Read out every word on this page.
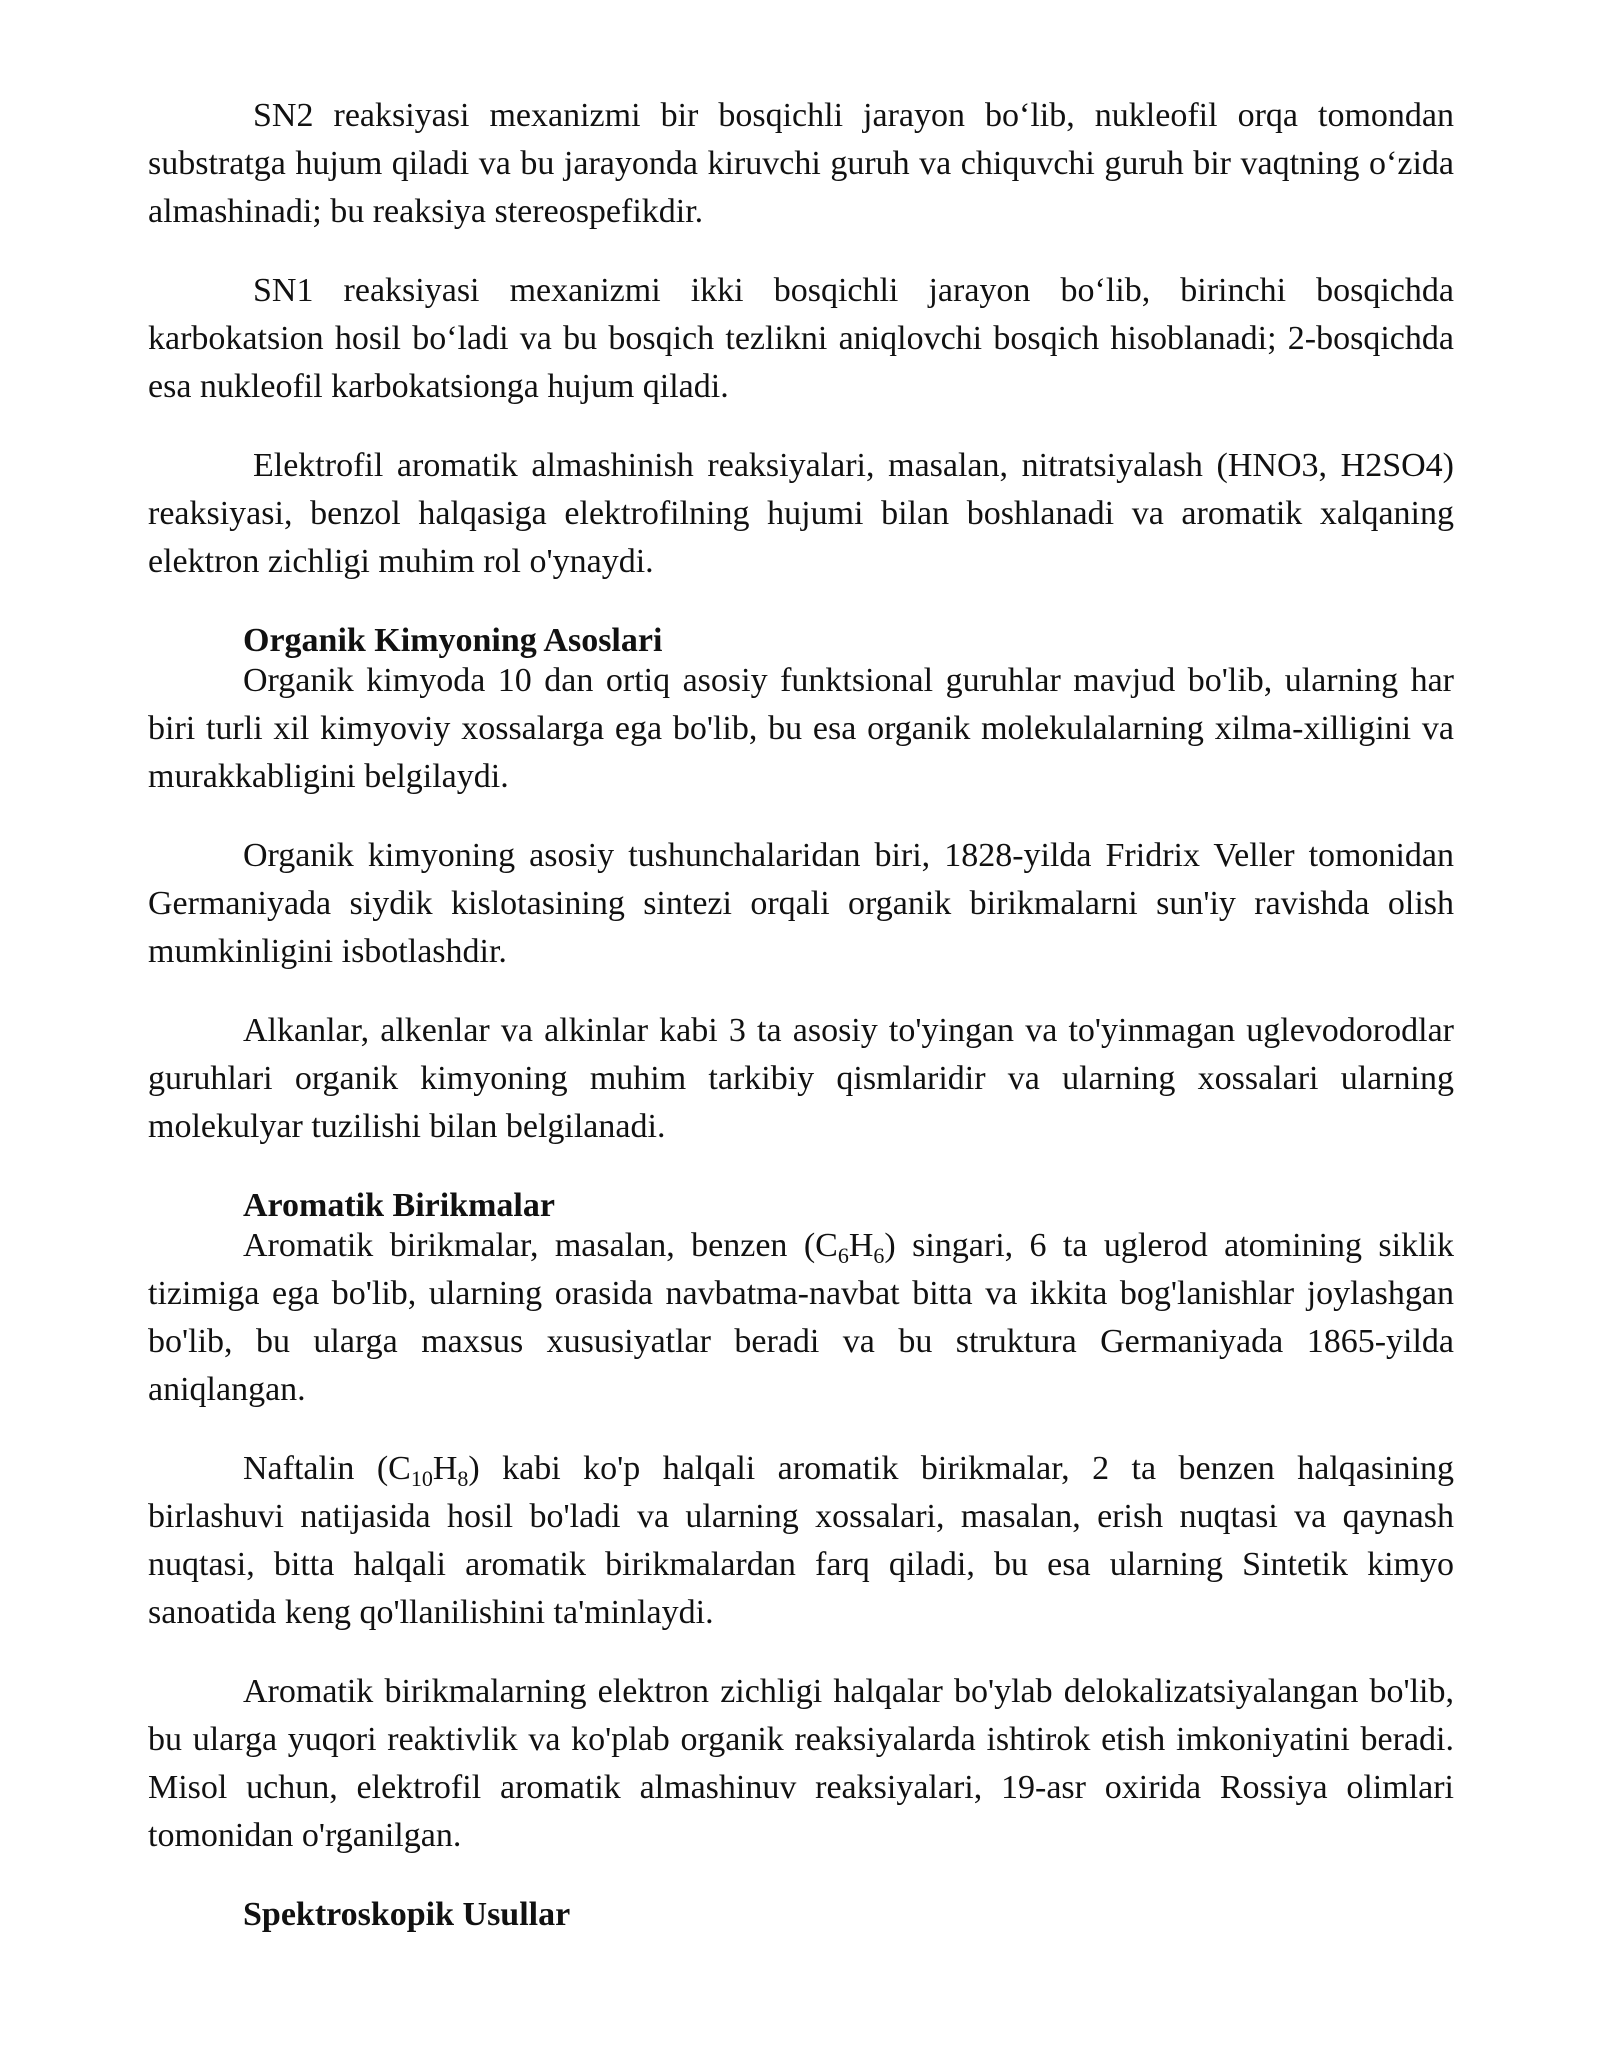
SN2 reaksiyasi mexanizmi bir bosqichli jarayon bo‘lib, nukleofil orqa tomondan substratga hujum qiladi va bu jarayonda kiruvchi guruh va chiquvchi guruh bir vaqtning o‘zida almashinadi; bu reaksiya stereospefikdir.

SN1 reaksiyasi mexanizmi ikki bosqichli jarayon bo‘lib, birinchi bosqichda karbokatsion hosil bo‘ladi va bu bosqich tezlikni aniqlovchi bosqich hisoblanadi; 2-bosqichda esa nukleofil karbokatsionga hujum qiladi.

Elektrofil aromatik almashinish reaksiyalari, masalan, nitratsiyalash (HNO3, H2SO4) reaksiyasi, benzol halqasiga elektrofilning hujumi bilan boshlanadi va aromatik xalqaning elektron zichligi muhim rol o'ynaydi.

Organik Kimyoning Asoslari

Organik kimyoda 10 dan ortiq asosiy funktsional guruhlar mavjud bo'lib, ularning har biri turli xil kimyoviy xossalarga ega bo'lib, bu esa organik molekulalarning xilma-xilligini va murakkabligini belgilaydi.

Organik kimyoning asosiy tushunchalaridan biri, 1828-yilda Fridrix Veller tomonidan Germaniyada siydik kislotasining sintezi orqali organik birikmalarni sun'iy ravishda olish mumkinligini isbotlashdir.

Alkanlar, alkenlar va alkinlar kabi 3 ta asosiy to'yingan va to'yinmagan uglevodorodlar guruhlari organik kimyoning muhim tarkibiy qismlaridir va ularning xossalari ularning molekulyar tuzilishi bilan belgilanadi.

Aromatik Birikmalar

Aromatik birikmalar, masalan, benzen $(C_6H_6)$ singari, 6 ta uglerod atomining siklik tizimiga ega bo'lib, ularning orasida navbatma-navbat bitta va ikkita bog'lanishlar joylashgan bo'lib, bu ularga maxsus xususiyatlar beradi va bu struktura Germaniyada 1865-yilda aniqlangan.

Naftalin $(C_{10}H_8)$ kabi ko'p halqali aromatik birikmalar, 2 ta benzen halqasining birlashuvi natijasida hosil bo'ladi va ularning xossalari, masalan, erish nuqtasi va qaynash nuqtasi, bitta halqali aromatik birikmalardan farq qiladi, bu esa ularning Sintetik kimyo sanoatida keng qo'llanilishini ta'minlaydi.

Aromatik birikmalarning elektron zichligi halqalar bo'ylab delokalizatsiyalangan bo'lib, bu ularga yuqori reaktivlik va ko'plab organik reaksiyalarda ishtirok etish imkoniyatini beradi. Misol uchun, elektrofil aromatik almashinuv reaksiyalari, 19-asr oxirida Rossiya olimlari tomonidan o'rganilgan.

Spektroskopik Usullar
